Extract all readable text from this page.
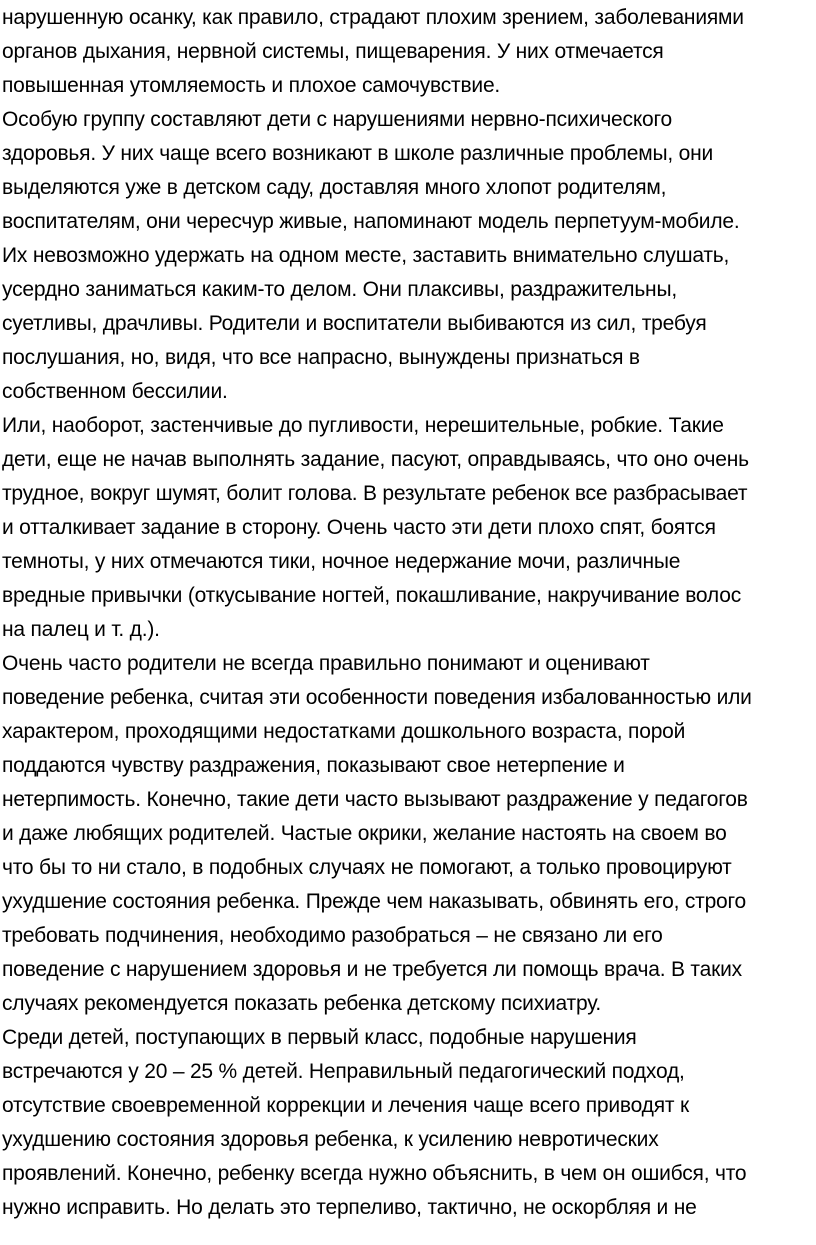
нарушенную осанку, как правило, страдают плохим зрением, заболеваниями
органов дыхания, нервной системы, пищеварения. У них отмечается
повышенная утомляемость и плохое самочувствие.
Особую группу составляют дети с нарушениями нервно-психического
здоровья. У них чаще всего возникают в школе различные проблемы, они
выделяются уже в детском саду, доставляя много хлопот родителям,
воспитателям, они чересчур живые, напоминают модель перпетуум-мобиле.
Их невозможно удержать на одном месте, заставить внимательно слушать,
усердно заниматься каким-то делом. Они плаксивы, раздражительны,
суетливы, драчливы. Родители и воспитатели выбиваются из сил, требуя
послушания, но, видя, что все напрасно, вынуждены признаться в
собственном бессилии.
Или, наоборот, застенчивые до пугливости, нерешительные, робкие. Такие
дети, еще не начав выполнять задание, пасуют, оправдываясь, что оно очень
трудное, вокруг шумят, болит голова. В результате ребенок все разбрасывает
и отталкивает задание в сторону. Очень часто эти дети плохо спят, боятся
темноты, у них отмечаются тики, ночное недержание мочи, различные
вредные привычки (откусывание ногтей, покашливание, накручивание волос
на палец и т. д.).
Очень часто родители не всегда правильно понимают и оценивают
поведение ребенка, считая эти особенности поведения избалованностью или
характером, проходящими недостатками дошкольного возраста, порой
поддаются чувству раздражения, показывают свое нетерпение и
нетерпимость. Конечно, такие дети часто вызывают раздражение у педагогов
и даже любящих родителей. Частые окрики, желание настоять на своем во
что бы то ни стало, в подобных случаях не помогают, а только провоцируют
ухудшение состояния ребенка. Прежде чем наказывать, обвинять его, строго
требовать подчинения, необходимо разобраться – не связано ли его
поведение с нарушением здоровья и не требуется ли помощь врача. В таких
случаях рекомендуется показать ребенка детскому психиатру.
Среди детей, поступающих в первый класс, подобные нарушения
встречаются у 20 – 25 % детей. Неправильный педагогический подход,
отсутствие своевременной коррекции и лечения чаще всего приводят к
ухудшению состояния здоровья ребенка, к усилению невротических
проявлений. Конечно, ребенку всегда нужно объяснить, в чем он ошибся, что
нужно исправить. Но делать это терпеливо, тактично, не оскорбляя и не
